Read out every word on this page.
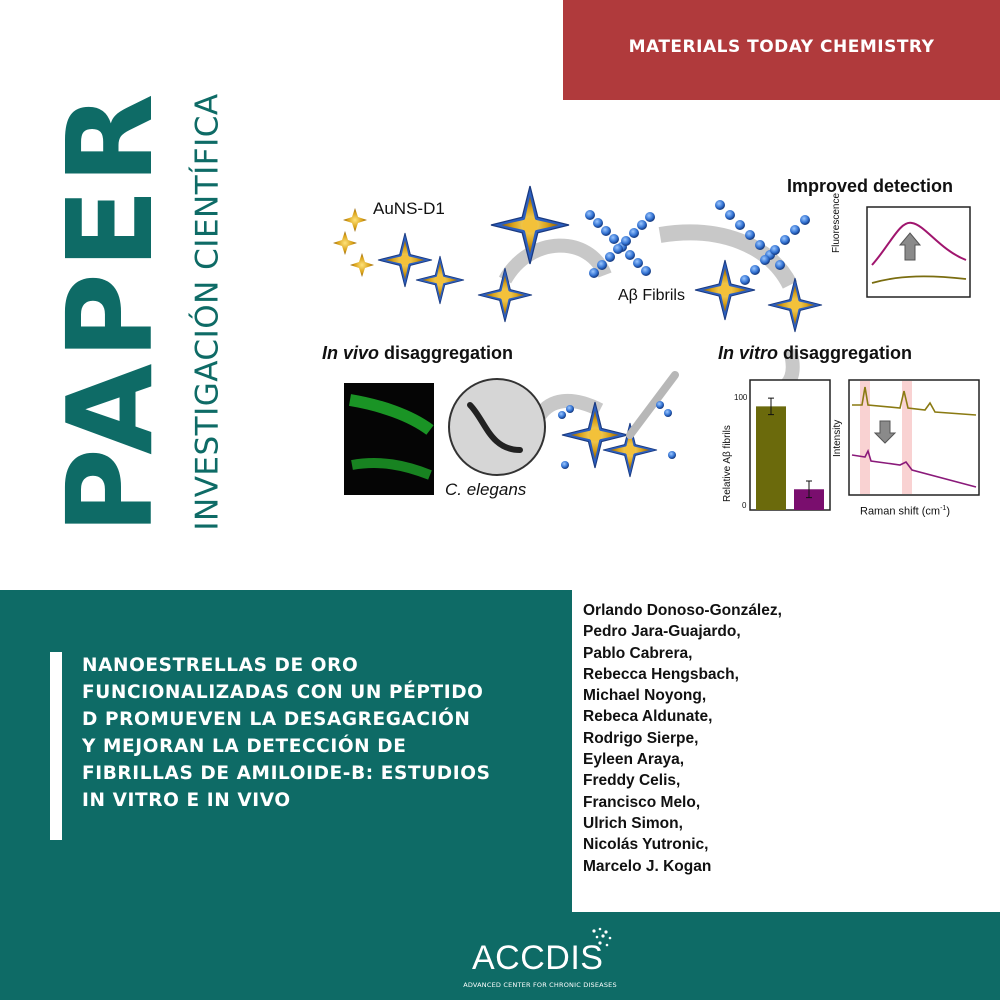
MATERIALS TODAY CHEMISTRY
PAPER INVESTIGACIÓN CIENTÍFICA	AuNS-D1
Aβ Fibrils
Improved detection
In vivo disaggregation	In vitro disaggregation
C. elegans
Fluorescence
Relative Aβ fibrils
100
0
Intensity
Raman shift $(cm^{-1})$
NANOESTRELLAS DE ORO
FUNCIONALIZADAS CON UN PÉPTIDO
D PROMUEVEN LA DESAGREGACIÓN
Y MEJORAN LA DETECCIÓN DE
FIBRILLAS DE AMILOIDE-B: ESTUDIOS
IN VITRO E IN VIVO
Orlando Donoso-González,
Pedro Jara-Guajardo,
Pablo Cabrera,
Rebecca Hengsbach,
Michael Noyong,
Rebeca Aldunate,
Rodrigo Sierpe,
Eyleen Araya,
Freddy Celis,
Francisco Melo,
Ulrich Simon,
Nicolás Yutronic,
Marcelo J. Kogan
ACCDIS
ADVANCED CENTER FOR CHRONIC DISEASES
